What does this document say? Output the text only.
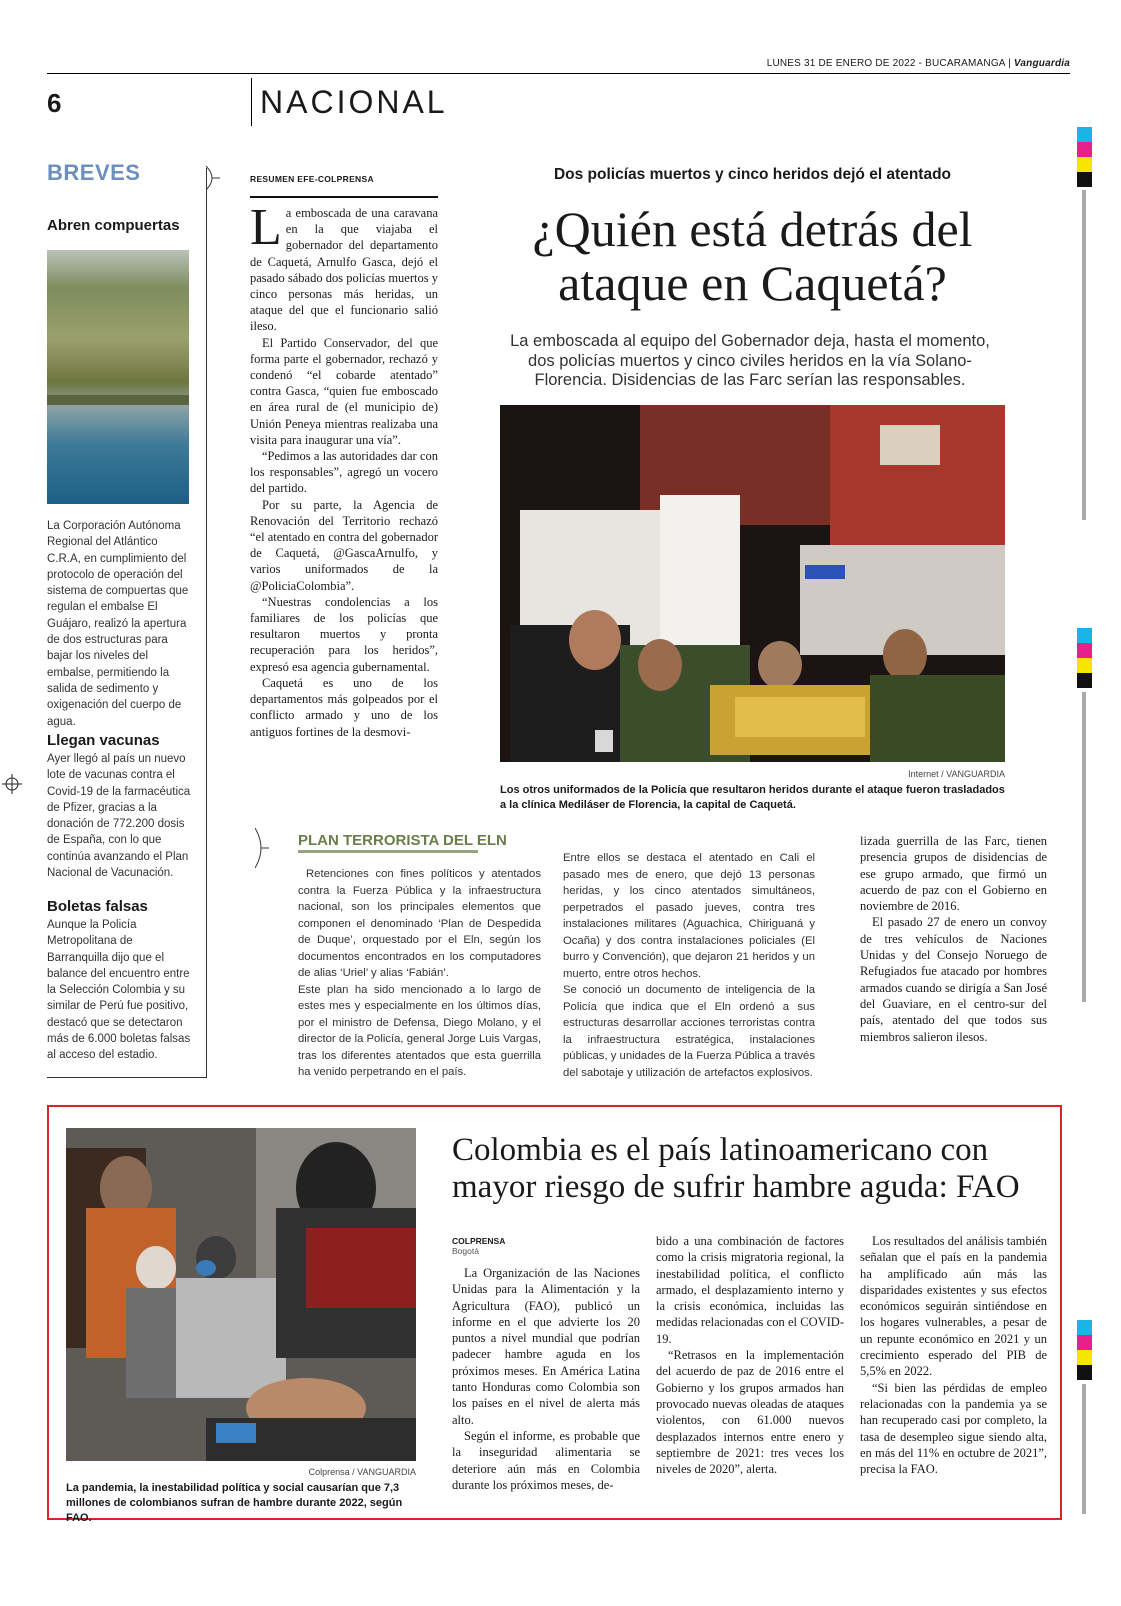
LUNES 31 DE ENERO DE 2022 - BUCARAMANGA | Vanguardia
6	NACIONAL
BREVES
Abren compuertas
La Corporación Autónoma Regional del Atlántico C.R.A, en cumplimiento del protocolo de operación del sistema de compuertas que regulan el embalse El Guájaro, realizó la apertura de dos estructuras para bajar los niveles del embalse, permitiendo la salida de sedimento y oxigenación del cuerpo de agua.
Llegan vacunas
Ayer llegó al país un nuevo lote de vacunas contra el Covid-19 de la farmacéutica de Pfizer, gracias a la donación de 772.200 dosis de España, con lo que continúa avanzando el Plan Nacional de Vacunación.
Boletas falsas
Aunque la Policía Metropolitana de Barranquilla dijo que el balance del encuentro entre la Selección Colombia y su similar de Perú fue positivo, destacó que se detectaron más de 6.000 boletas falsas al acceso del estadio.
RESUMEN EFE-COLPRENSA

La emboscada de una caravana en la que viajaba el gobernador del departamento de Caquetá, Arnulfo Gasca, dejó el pasado sábado dos policías muertos y cinco personas más heridas, un ataque del que el funcionario salió ileso.

El Partido Conservador, del que forma parte el gobernador, rechazó y condenó “el cobarde atentado” contra Gasca, “quien fue emboscado en área rural de (el municipio de) Unión Peneya mientras realizaba una visita para inaugurar una vía”.

“Pedimos a las autoridades dar con los responsables”, agregó un vocero del partido.

Por su parte, la Agencia de Renovación del Territorio rechazó “el atentado en contra del gobernador de Caquetá, @GascaArnulfo, y varios uniformados de la @PoliciaColombia”.

“Nuestras condolencias a los familiares de los policías que resultaron muertos y pronta recuperación para los heridos”, expresó esa agencia gubernamental.

Caquetá es uno de los departamentos más golpeados por el conflicto armado y uno de los antiguos fortines de la desmovi-

Dos policías muertos y cinco heridos dejó el atentado
¿Quién está detrás del ataque en Caquetá?
La emboscada al equipo del Gobernador deja, hasta el momento, dos policías muertos y cinco civiles heridos en la vía Solano-Florencia. Disidencias de las Farc serían las responsables.
Internet / VANGUARDIA
Los otros uniformados de la Policía que resultaron heridos durante el ataque fueron trasladados a la clínica Mediláser de Florencia, la capital de Caquetá.
PLAN TERRORISTA DEL ELN

Retenciones con fines políticos y atentados contra la Fuerza Pública y la infraestructura nacional, son los principales elementos que componen el denominado ‘Plan de Despedida de Duque’, orquestado por el Eln, según los documentos encontrados en los computadores de alias ‘Uriel’ y alias ‘Fabián’.

Este plan ha sido mencionado a lo largo de estes mes y especialmente en los últimos días, por el ministro de Defensa, Diego Molano, y el director de la Policía, general Jorge Luis Vargas, tras los diferentes atentados que esta guerrilla ha venido perpetrando en el país.

Entre ellos se destaca el atentado en Cali el pasado mes de enero, que dejó 13 personas heridas, y los cinco atentados simultáneos, perpetrados el pasado jueves, contra tres instalaciones militares (Aguachica, Chiriguaná y Ocaña) y dos contra instalaciones policiales (El burro y Convención), que dejaron 21 heridos y un muerto, entre otros hechos.

Se conoció un documento de inteligencia de la Policía que indica que el Eln ordenó a sus estructuras desarrollar acciones terroristas contra la infraestructura estratégica, instalaciones públicas, y unidades de la Fuerza Pública a través del sabotaje y utilización de artefactos explosivos.

lizada guerrilla de las Farc, tienen presencia grupos de disidencias de ese grupo armado, que firmó un acuerdo de paz con el Gobierno en noviembre de 2016.

El pasado 27 de enero un convoy de tres vehículos de Naciones Unidas y del Consejo Noruego de Refugiados fue atacado por hombres armados cuando se dirigía a San José del Guaviare, en el centro-sur del país, atentado del que todos sus miembros salieron ilesos.

Colprensa / VANGUARDIA
La pandemia, la inestabilidad política y social causarían que 7,3 millones de colombianos sufran de hambre durante 2022, según FAO.
Colombia es el país latinoamericano con mayor riesgo de sufrir hambre aguda: FAO
COLPRENSA
Bogotá

La Organización de las Naciones Unidas para la Alimentación y la Agricultura (FAO), publicó un informe en el que advierte los 20 puntos a nivel mundial que podrían padecer hambre aguda en los próximos meses. En América Latina tanto Honduras como Colombia son los países en el nivel de alerta más alto.

Según el informe, es probable que la inseguridad alimentaria se deteriore aún más en Colombia durante los próximos meses, de-

bido a una combinación de factores como la crisis migratoria regional, la inestabilidad política, el conflicto armado, el desplazamiento interno y la crisis económica, incluidas las medidas relacionadas con el COVID-19.

“Retrasos en la implementación del acuerdo de paz de 2016 entre el Gobierno y los grupos armados han provocado nuevas oleadas de ataques violentos, con 61.000 nuevos desplazados internos entre enero y septiembre de 2021: tres veces los niveles de 2020”, alerta.

Los resultados del análisis también señalan que el país en la pandemia ha amplificado aún más las disparidades existentes y sus efectos económicos seguirán sintiéndose en los hogares vulnerables, a pesar de un repunte económico en 2021 y un crecimiento esperado del PIB de 5,5% en 2022.

“Si bien las pérdidas de empleo relacionadas con la pandemia ya se han recuperado casi por completo, la tasa de desempleo sigue siendo alta, en más del 11% en octubre de 2021”, precisa la FAO.
